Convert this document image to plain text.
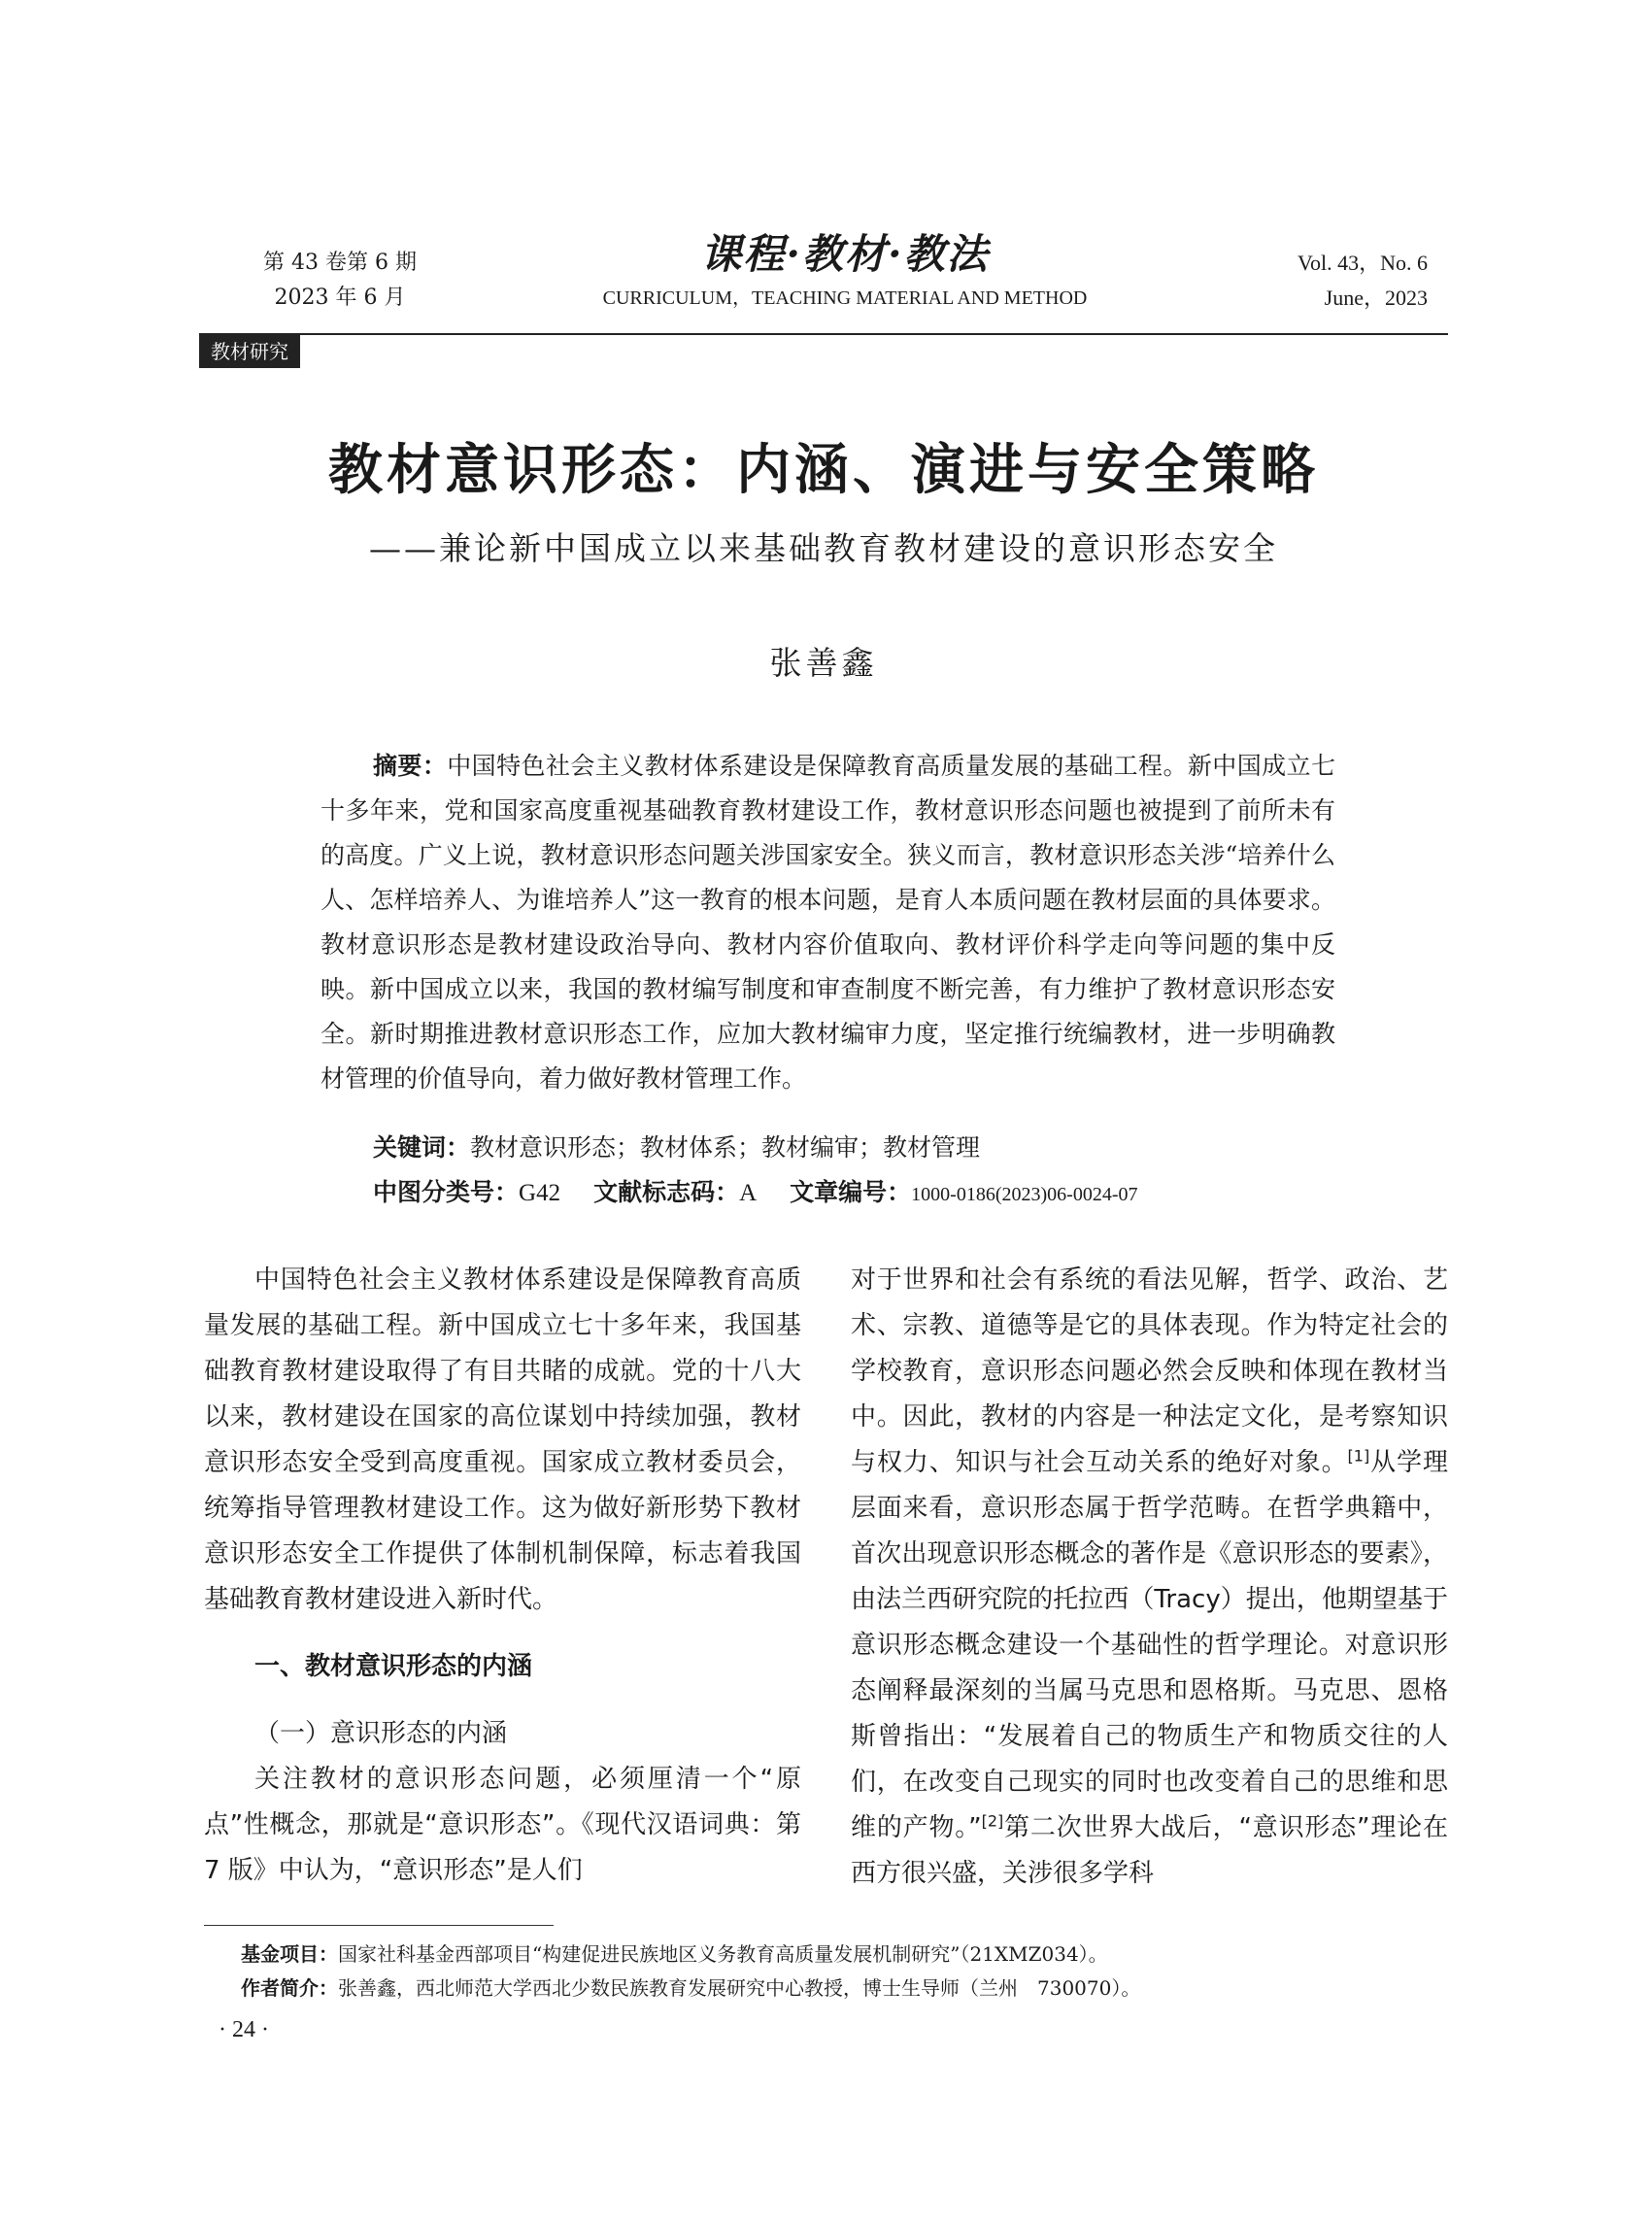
第 43 卷第 6 期
2023 年 6 月
课程·教材·教法
CURRICULUM，TEACHING MATERIAL AND METHOD
Vol. 43，No. 6
June，2023
教材研究
教材意识形态：内涵、演进与安全策略
——兼论新中国成立以来基础教育教材建设的意识形态安全
张善鑫
摘要：中国特色社会主义教材体系建设是保障教育高质量发展的基础工程。新中国成立七十多年来，党和国家高度重视基础教育教材建设工作，教材意识形态问题也被提到了前所未有的高度。广义上说，教材意识形态问题关涉国家安全。狭义而言，教材意识形态关涉“培养什么人、怎样培养人、为谁培养人”这一教育的根本问题，是育人本质问题在教材层面的具体要求。教材意识形态是教材建设政治导向、教材内容价值取向、教材评价科学走向等问题的集中反映。新中国成立以来，我国的教材编写制度和审查制度不断完善，有力维护了教材意识形态安全。新时期推进教材意识形态工作，应加大教材编审力度，坚定推行统编教材，进一步明确教材管理的价值导向，着力做好教材管理工作。
关键词：教材意识形态；教材体系；教材编审；教材管理
中图分类号：G42 文献标志码：A 文章编号：1000-0186(2023)06-0024-07

中国特色社会主义教材体系建设是保障教育高质量发展的基础工程。新中国成立七十多年来，我国基础教育教材建设取得了有目共睹的成就。党的十八大以来，教材建设在国家的高位谋划中持续加强，教材意识形态安全受到高度重视。国家成立教材委员会，统筹指导管理教材建设工作。这为做好新形势下教材意识形态安全工作提供了体制机制保障，标志着我国基础教育教材建设进入新时代。

一、教材意识形态的内涵
（一）意识形态的内涵

关注教材的意识形态问题，必须厘清一个“原点”性概念，那就是“意识形态”。《现代汉语词典：第 7 版》中认为，“意识形态”是人们

对于世界和社会有系统的看法见解，哲学、政治、艺术、宗教、道德等是它的具体表现。作为特定社会的学校教育，意识形态问题必然会反映和体现在教材当中。因此，教材的内容是一种法定文化，是考察知识与权力、知识与社会互动关系的绝好对象。[1]从学理层面来看，意识形态属于哲学范畴。在哲学典籍中，首次出现意识形态概念的著作是《意识形态的要素》，由法兰西研究院的托拉西（Tracy）提出，他期望基于意识形态概念建设一个基础性的哲学理论。对意识形态阐释最深刻的当属马克思和恩格斯。马克思、恩格斯曾指出：“发展着自己的物质生产和物质交往的人们，在改变自己现实的同时也改变着自己的思维和思维的产物。”[2]第二次世界大战后，“意识形态”理论在西方很兴盛，关涉很多学科

基金项目：国家社科基金西部项目“构建促进民族地区义务教育高质量发展机制研究”（21XMZ034）。
作者简介：张善鑫，西北师范大学西北少数民族教育发展研究中心教授，博士生导师（兰州　730070）。
· 24 ·
